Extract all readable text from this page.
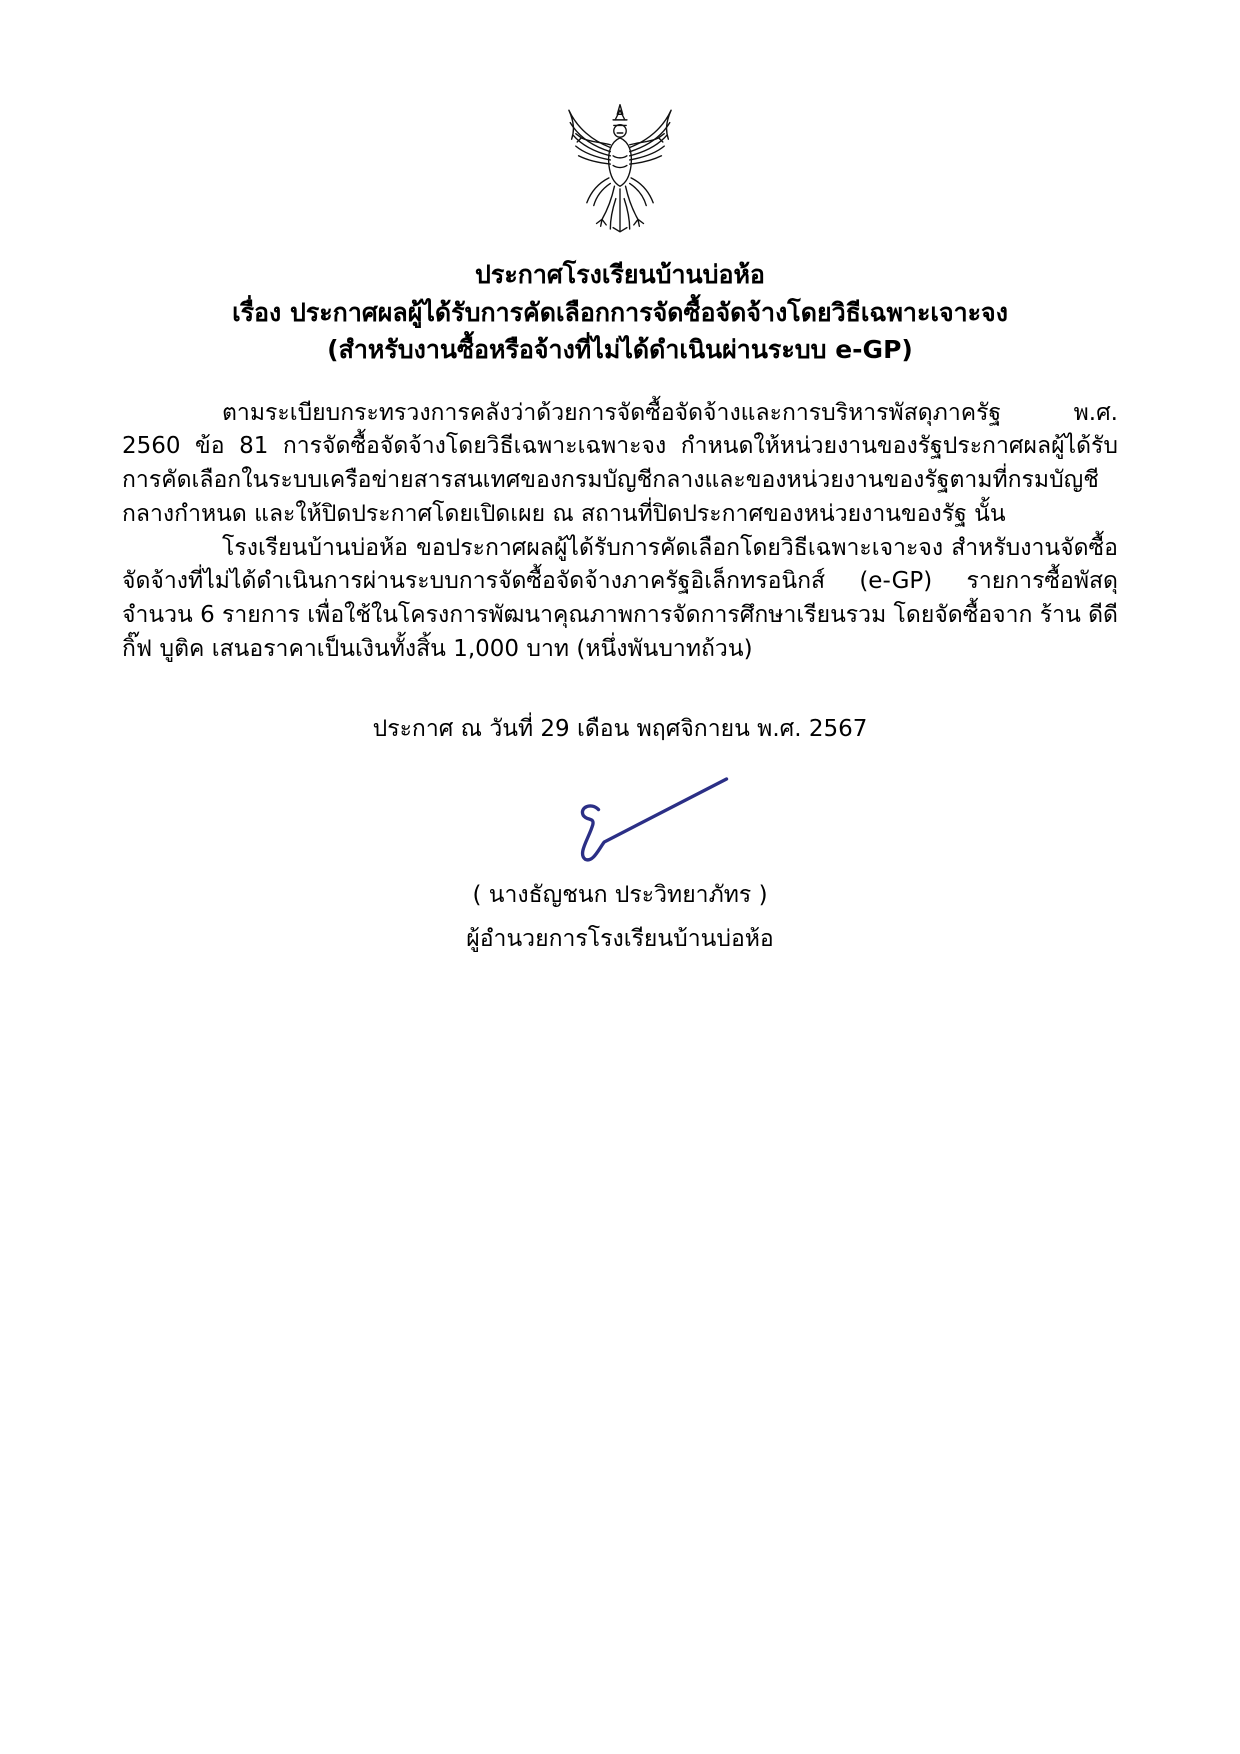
ประกาศโรงเรียนบ้านบ่อห้อ

เรื่อง ประกาศผลผู้ได้รับการคัดเลือกการจัดซื้อจัดจ้างโดยวิธีเฉพาะเจาะจง

(สำหรับงานซื้อหรือจ้างที่ไม่ได้ดำเนินผ่านระบบ e-GP)

ตามระเบียบกระทรวงการคลังว่าด้วยการจัดซื้อจัดจ้างและการบริหารพัสดุภาครัฐ พ.ศ. 2560 ข้อ 81 การจัดซื้อจัดจ้างโดยวิธีเฉพาะเฉพาะจง กำหนดให้หน่วยงานของรัฐประกาศผลผู้ได้รับการคัดเลือกในระบบเครือข่ายสารสนเทศของกรมบัญชีกลางและของหน่วยงานของรัฐตามที่กรมบัญชีกลางกำหนด และให้ปิดประกาศโดยเปิดเผย ณ สถานที่ปิดประกาศของหน่วยงานของรัฐ นั้น

โรงเรียนบ้านบ่อห้อ ขอประกาศผลผู้ได้รับการคัดเลือกโดยวิธีเฉพาะเจาะจง สำหรับงานจัดซื้อจัดจ้างที่ไม่ได้ดำเนินการผ่านระบบการจัดซื้อจัดจ้างภาครัฐอิเล็กทรอนิกส์ (e-GP) รายการซื้อพัสดุ จำนวน 6 รายการ เพื่อใช้ในโครงการพัฒนาคุณภาพการจัดการศึกษาเรียนรวม โดยจัดซื้อจาก ร้าน ดีดี กิ๊ฟ บูติค เสนอราคาเป็นเงินทั้งสิ้น 1,000 บาท (หนึ่งพันบาทถ้วน)

ประกาศ ณ วันที่ 29 เดือน พฤศจิกายน พ.ศ. 2567
( นางธัญชนก ประวิทยาภัทร )
ผู้อำนวยการโรงเรียนบ้านบ่อห้อ
